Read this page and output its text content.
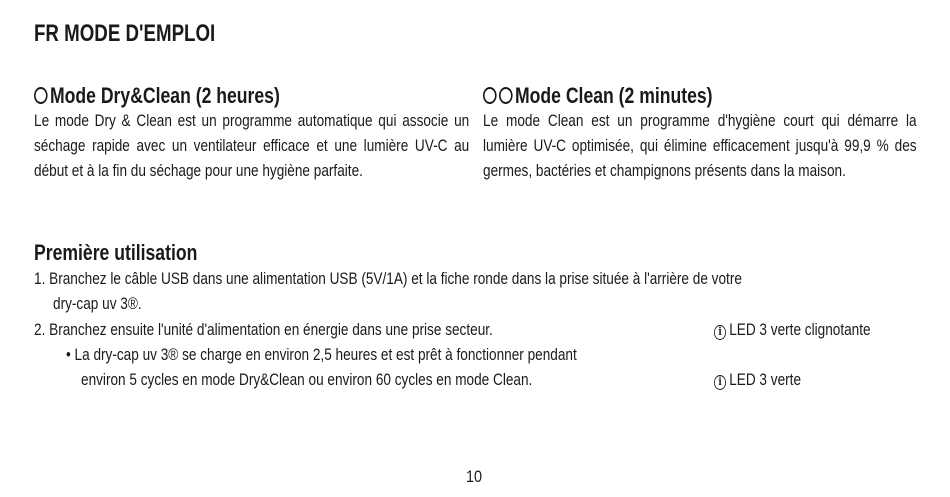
FR MODE D'EMPLOI
Mode Dry&Clean (2 heures)
Le mode Dry & Clean est un programme automatique qui associe un séchage rapide avec un ventilateur efficace et une lumière UV-C au début et à la fin du séchage pour une hygiène parfaite.
Mode Clean (2 minutes)
Le mode Clean est un programme d'hygiène court qui démarre la lumière UV-C optimisée, qui élimine efficacement jusqu'à 99,9 % des germes, bactéries et champignons présents dans la maison.
Première utilisation
1. Branchez le câble USB dans une alimentation USB (5V/1A) et la fiche ronde dans la prise située à l'arrière de votre
dry-cap uv 3®.
2. Branchez ensuite l'unité d'alimentation en énergie dans une prise secteur.
• La dry-cap uv 3® se charge en environ 2,5 heures et est prêt à fonctionner pendant
environ 5 cycles en mode Dry&Clean ou environ 60 cycles en mode Clean.
i LED 3 verte clignotante
i LED 3 verte
10
